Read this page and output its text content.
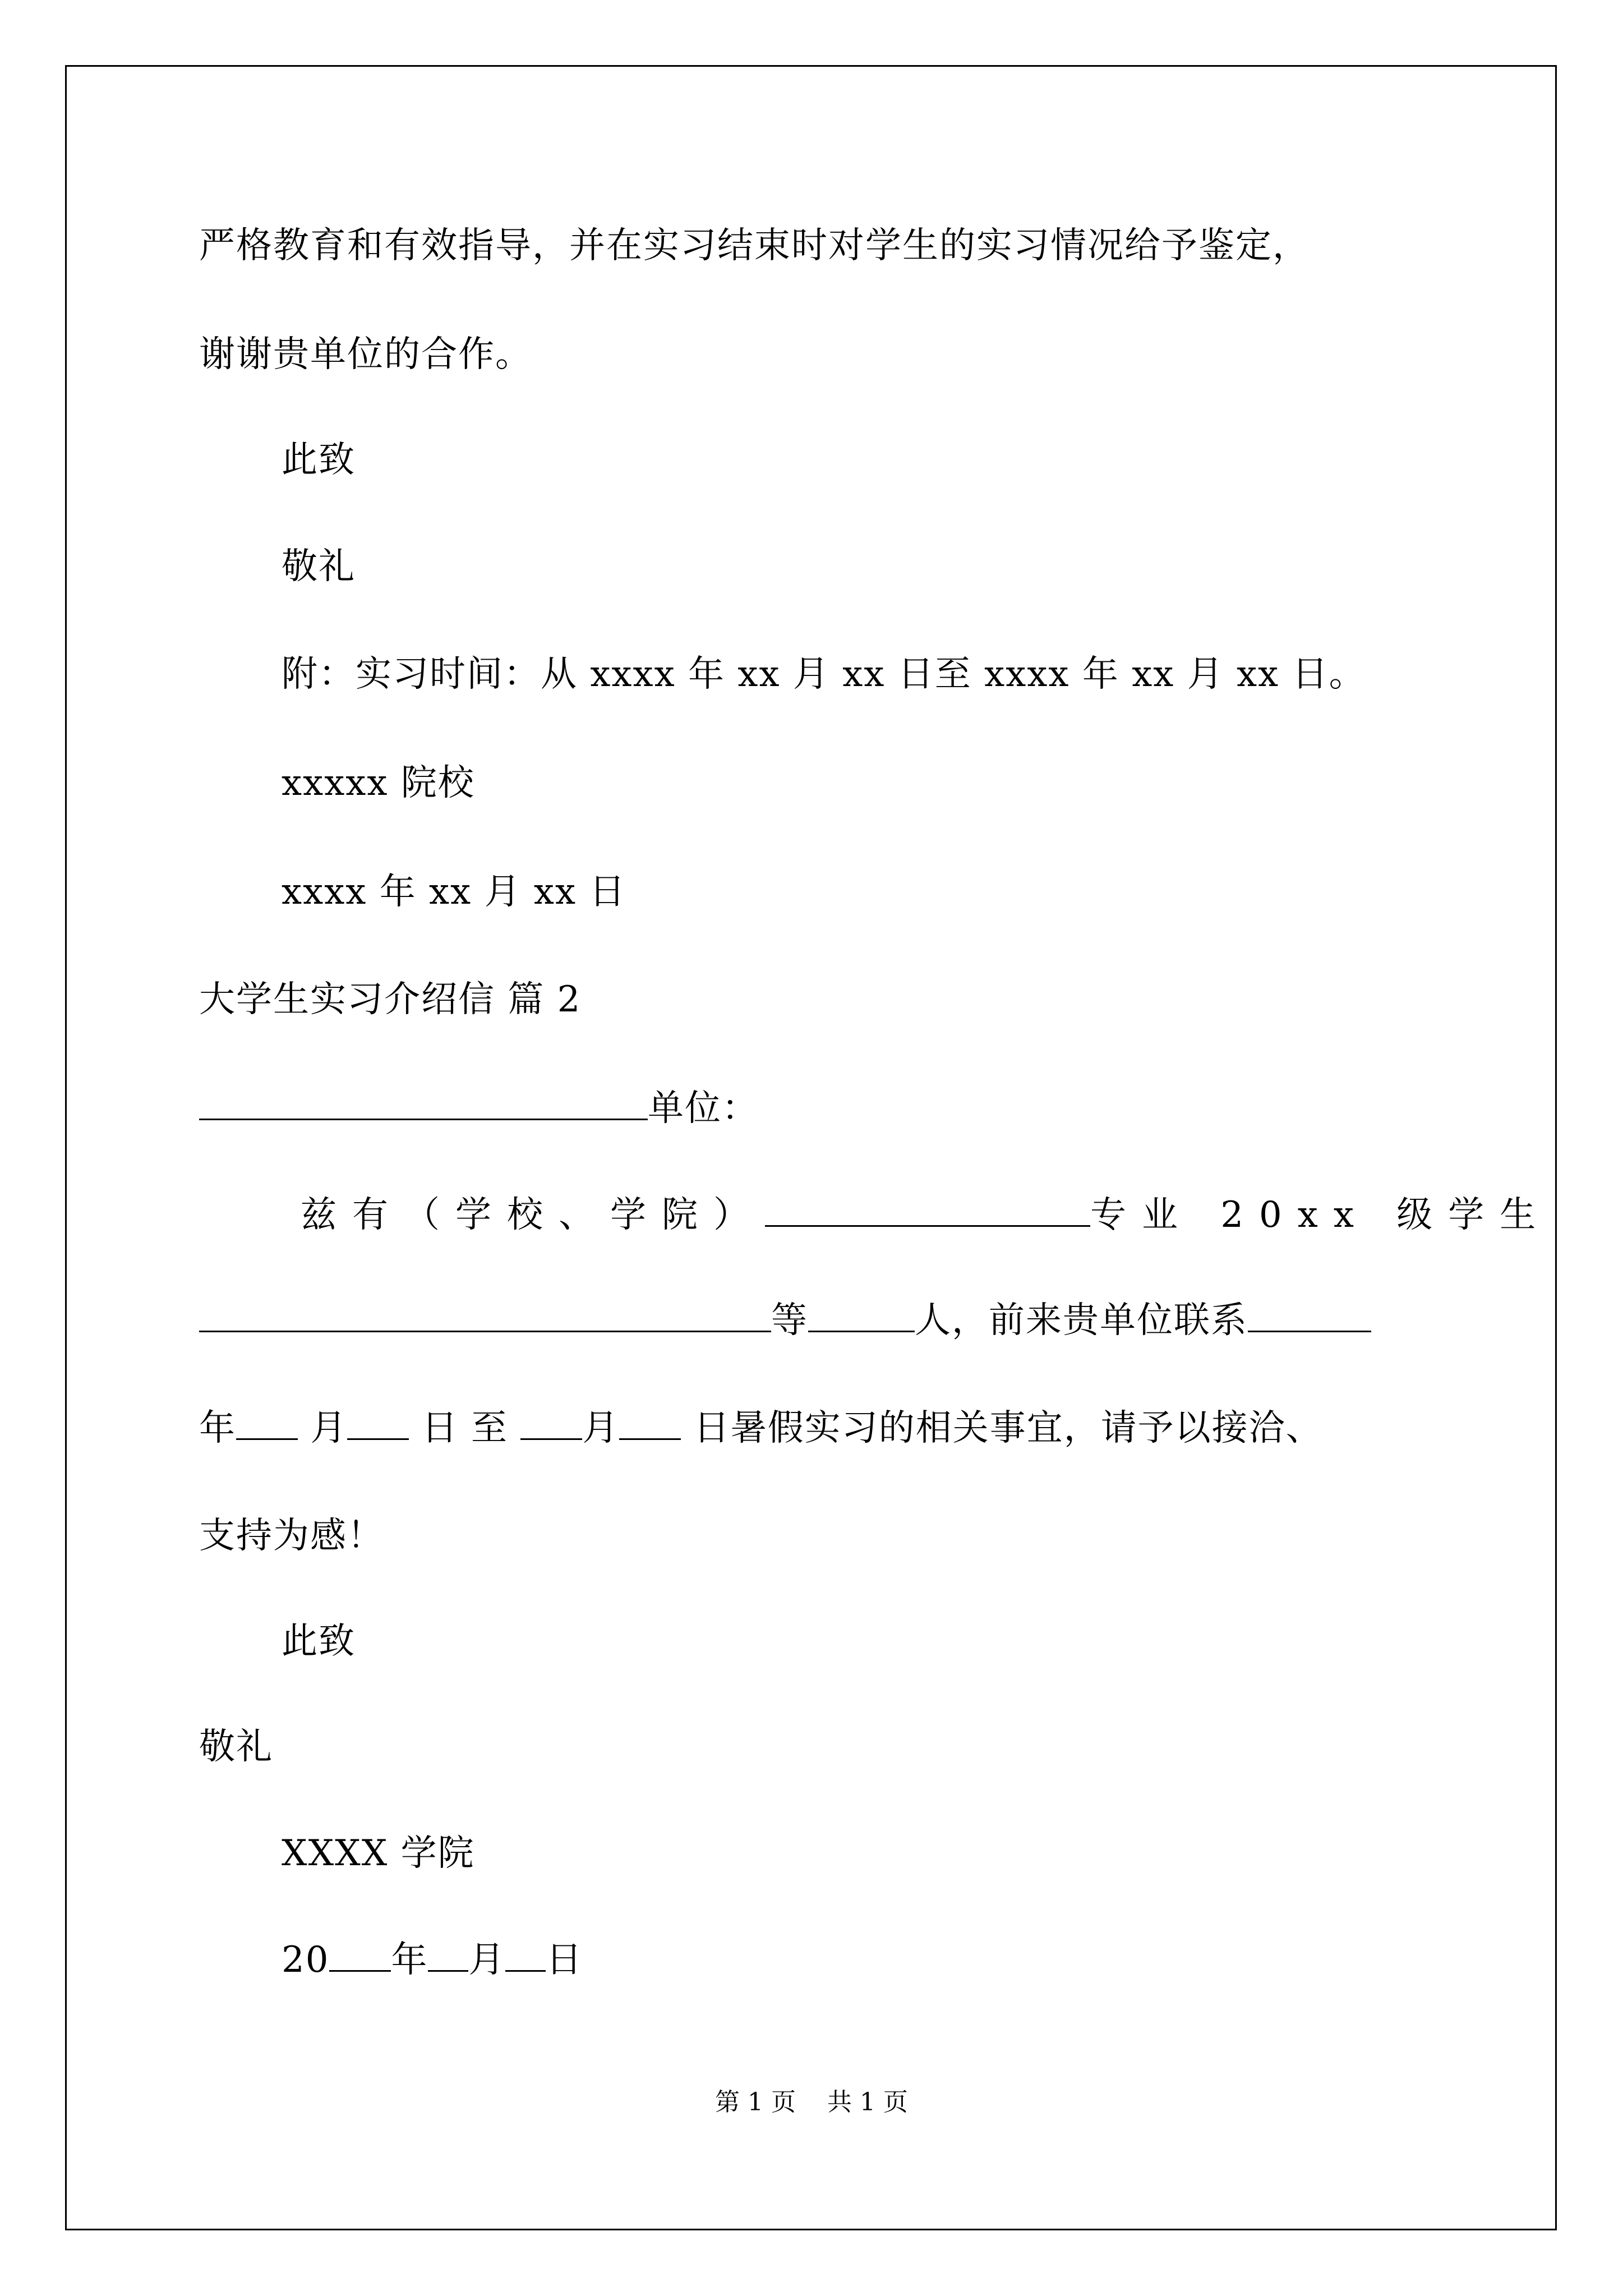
严格教育和有效指导，并在实习结束时对学生的实习情况给予鉴定，
谢谢贵单位的合作。
此致
敬礼
附：实习时间：从 xxxx 年 xx 月 xx 日至 xxxx 年 xx 月 xx 日。
xxxxx 院校
xxxx 年 xx 月 xx 日
大学生实习介绍信 篇 2
单位：
兹有（学校、学院）	专业 20xx 级学生
等	人，前来贵单位联系
年 月 日 至 月 日暑假实习的相关事宜，请予以接洽、
支持为感！
此致
敬礼
XXXX 学院
20 年 月 日
第 1 页    共 1 页
